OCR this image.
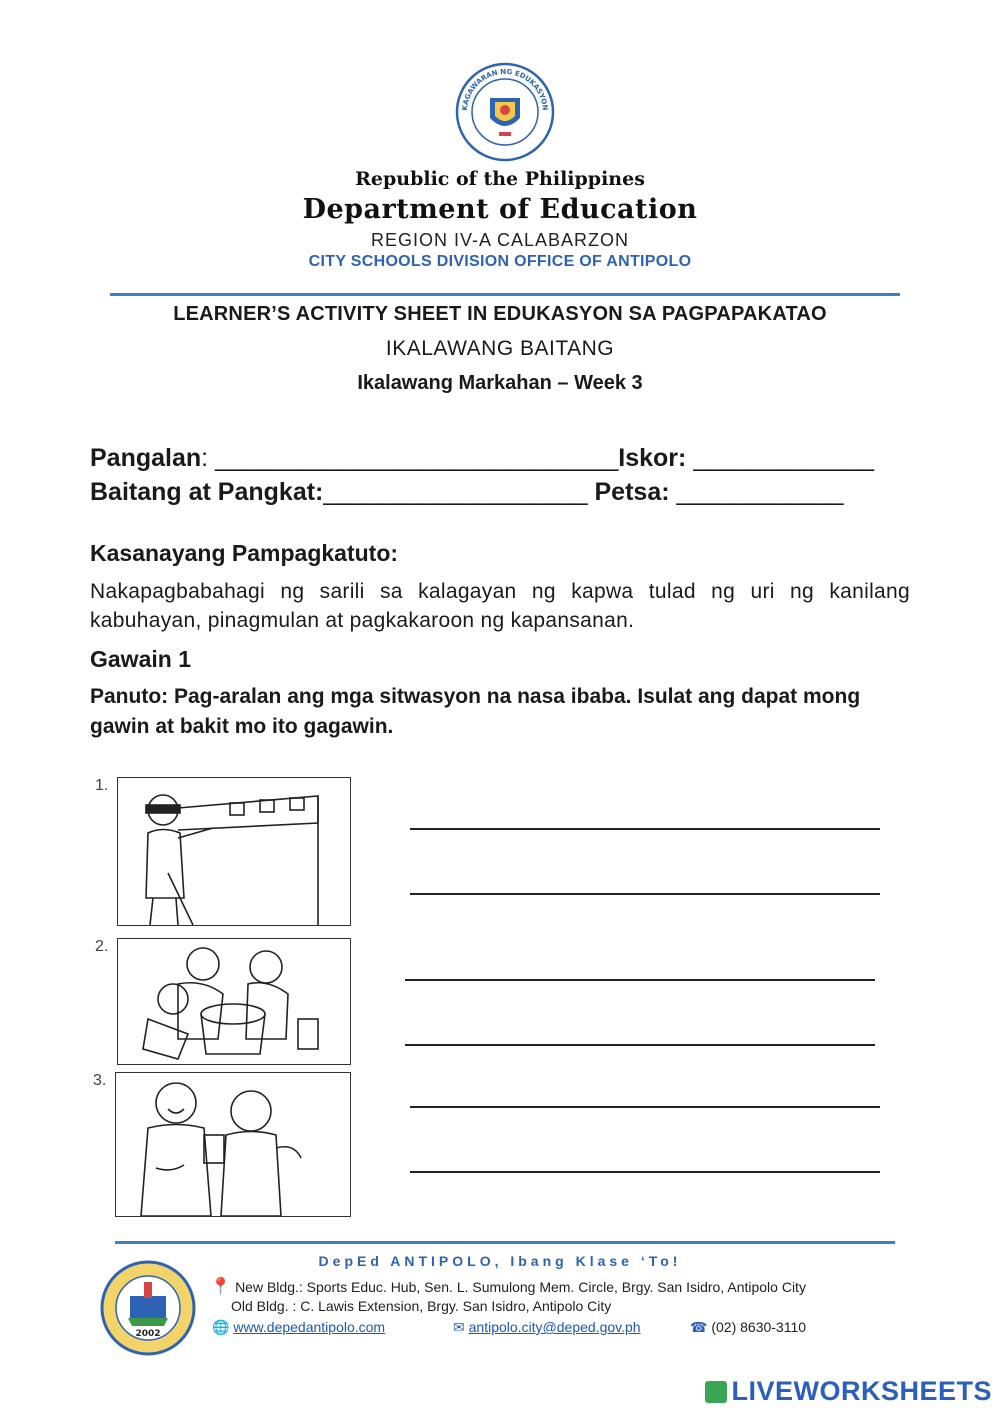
KAGAWARAN NG EDUKASYON
Republic of the Philippines
Department of Education
REGION IV-A CALABARZON
CITY SCHOOLS DIVISION OFFICE OF ANTIPOLO
LEARNER’S ACTIVITY SHEET IN EDUKASYON SA PAGPAPAKATAO
IKALAWANG BAITANG
Ikalawang Markahan – Week 3
Pangalan: _____________________________Iskor: _____________
Baitang at Pangkat:___________________ Petsa: ____________
Kasanayang Pampagkatuto:
Nakapagbabahagi ng sarili sa kalagayan ng kapwa tulad ng uri ng kanilang kabuhayan, pinagmulan at pagkakaroon ng kapansanan.
Gawain 1
Panuto: Pag-aralan ang mga sitwasyon na nasa ibaba. Isulat ang dapat mong gawin at bakit mo ito gagawin.
1.
2.
3.
DepEd ANTIPOLO, Ibang Klase ‘To!
2002
📍 New Bldg.: Sports Educ. Hub, Sen. L. Sumulong Mem. Circle, Brgy. San Isidro, Antipolo City
Old Bldg. : C. Lawis Extension, Brgy. San Isidro, Antipolo City
🌐 www.depedantipolo.com	✉ antipolo.city@deped.gov.ph	☎ (02) 8630-3110
LIVEWORKSHEETS
